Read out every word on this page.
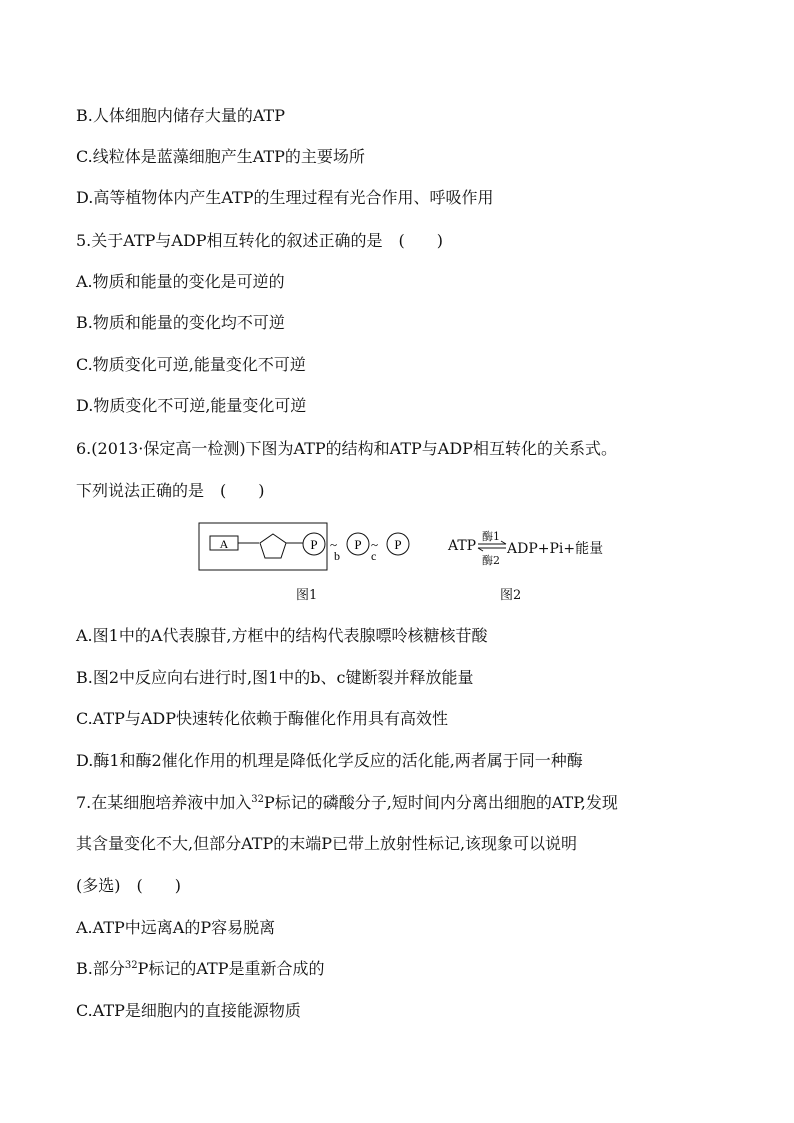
B.人体细胞内储存大量的ATP
C.线粒体是蓝藻细胞产生ATP的主要场所
D.高等植物体内产生ATP的生理过程有光合作用、呼吸作用
5.关于ATP与ADP相互转化的叙述正确的是　(　　)
A.物质和能量的变化是可逆的
B.物质和能量的变化均不可逆
C.物质变化可逆,能量变化不可逆
D.物质变化不可逆,能量变化可逆
6.(2013·保定高一检测)下图为ATP的结构和ATP与ADP相互转化的关系式。
下列说法正确的是　(　　)
A	P ~
b
P ~
c
P
图1
ATP
酶1
酶2
ADP+Pi+能量
图2
A.图1中的A代表腺苷,方框中的结构代表腺嘌呤核糖核苷酸
B.图2中反应向右进行时,图1中的b、c键断裂并释放能量
C.ATP与ADP快速转化依赖于酶催化作用具有高效性
D.酶1和酶2催化作用的机理是降低化学反应的活化能,两者属于同一种酶
7.在某细胞培养液中加入$^{32}$P标记的磷酸分子,短时间内分离出细胞的ATP,发现
其含量变化不大,但部分ATP的末端P已带上放射性标记,该现象可以说明
(多选)　(　　)
A.ATP中远离A的P容易脱离
B.部分$^{32}$P标记的ATP是重新合成的
C.ATP是细胞内的直接能源物质
